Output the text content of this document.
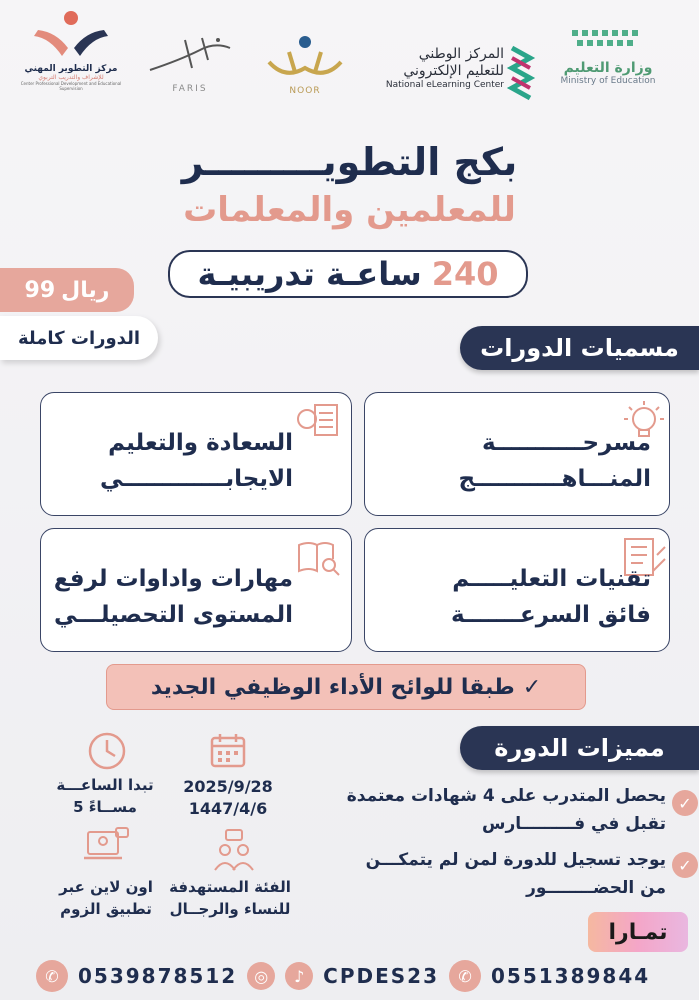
مركز التطوير المهني
للإشراف والتدريب التربوي
Center Professional Development and Educational Supervision	FARIS	NOOR
المركز الوطني
للتعليم الإلكتروني
National eLearning Center
وزارة التعليم
Ministry of Education
بكج التطويـــــــــر
للمعلمين والمعلمات
240
ساعـة تدريبيـة
99 ريال
الدورات كاملة	مسميات الدورات
مسرحـــــــــــة
المنـــاهـــــــــــج
السعادة والتعليم
الايجابـــــــــــــي
تقنيات التعليـــــم
فائق السرعـــــــة
مهارات واداوات لرفع
المستوى التحصيلـــي
✓
طبقا للوائح الأداء الوظيفي الجديد
مميزات الدورة
تبدا الساعـــة
5 مســاءً
2025/9/28
1447/4/6
الفئة المستهدفة
للنساء والرجــال
اون لاين عبر
تطبيق الزوم
✓
يحصل المتدرب على 4 شهادات معتمدة
تقبل في فـــــــــارس
✓
يوجد تسجيل للدورة لمن لم يتمكـــن
من الحضــــــــور
تمـارا
✆ 0539878512	◎	♪ CPDES23	✆ 0551389844
